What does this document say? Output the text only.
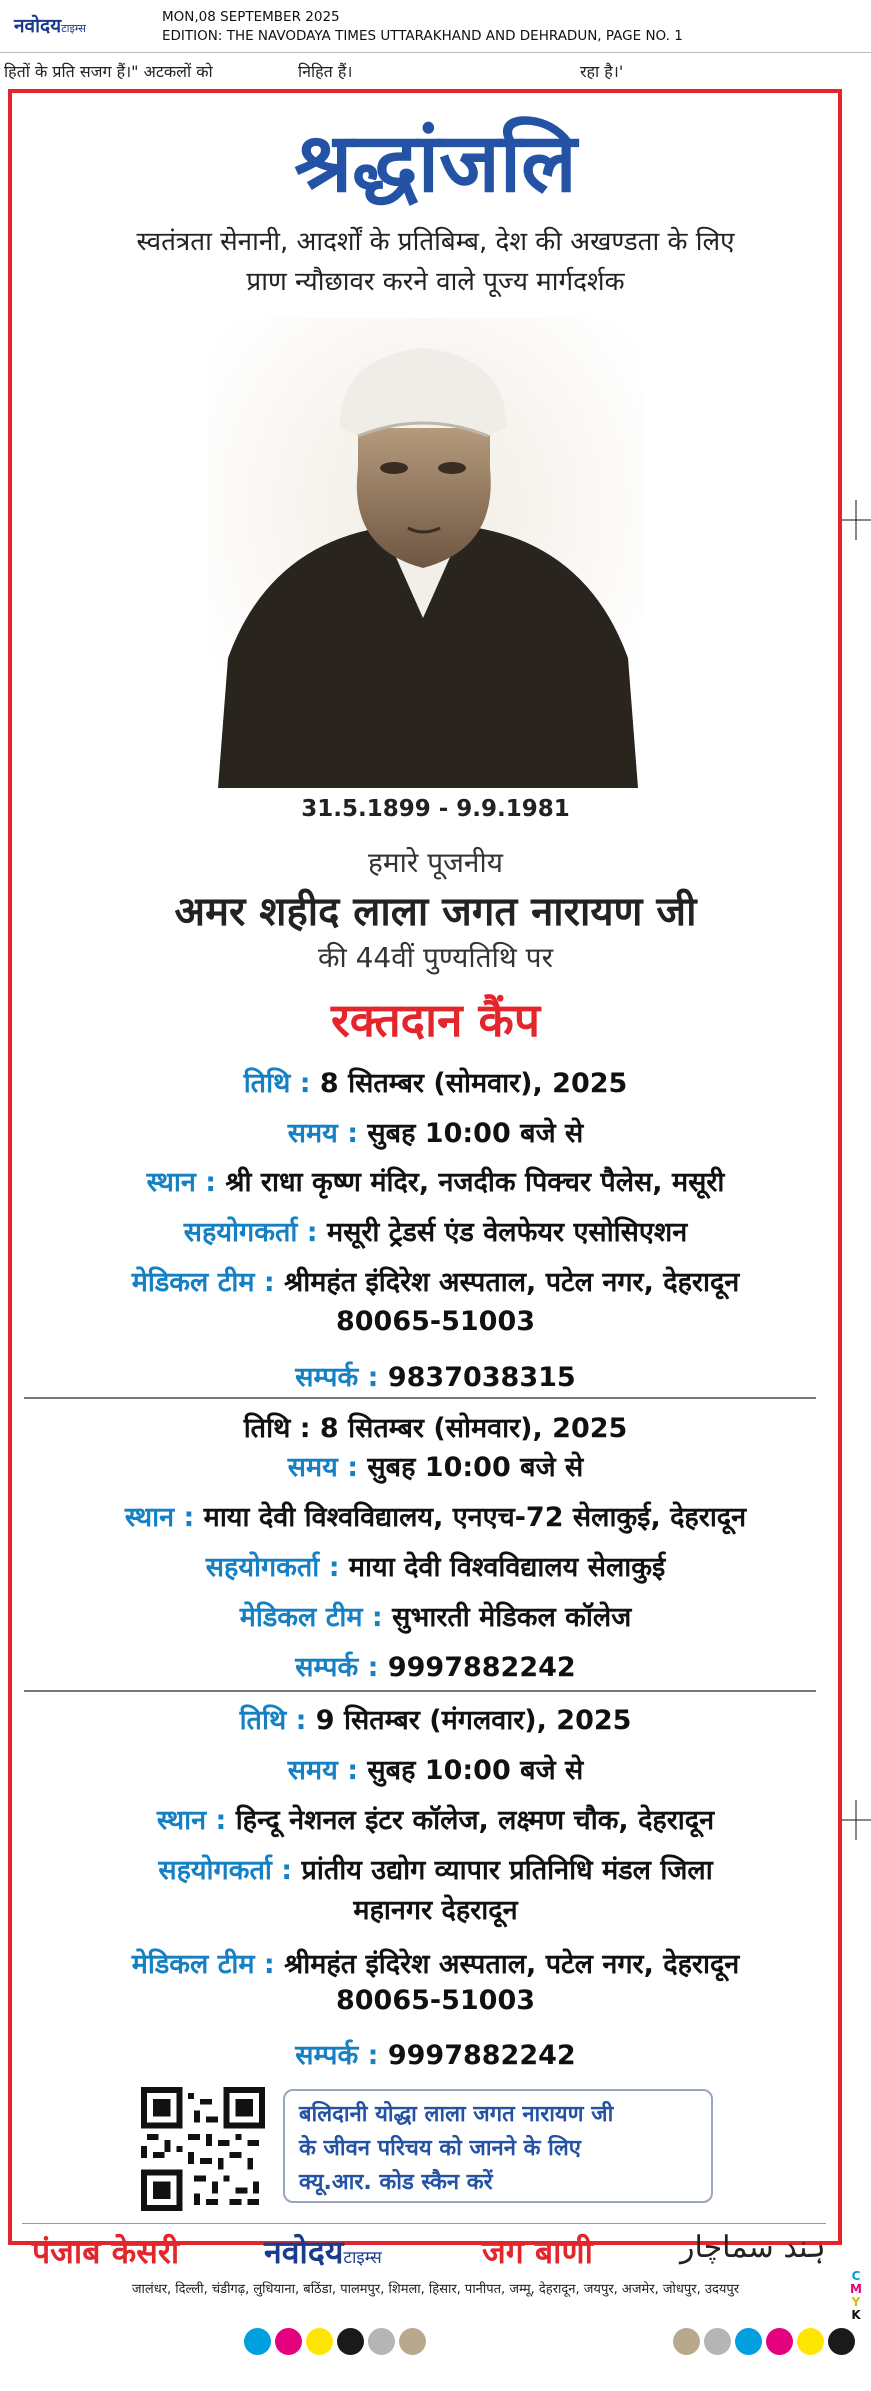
नवोदयटाइम्स
MON,08 SEPTEMBER 2025
EDITION: THE NAVODAYA TIMES UTTARAKHAND AND DEHRADUN, PAGE NO. 1
हितों के प्रति सजग हैं।" अटकलों को	निहित हैं।	रहा है।'
श्रद्धांजलि
स्वतंत्रता सेनानी, आदर्शों के प्रतिबिम्ब, देश की अखण्डता के लिए
प्राण न्यौछावर करने वाले पूज्य मार्गदर्शक
31.5.1899 - 9.9.1981
हमारे पूजनीय
अमर शहीद लाला जगत नारायण जी
की 44वीं पुण्यतिथि पर
रक्तदान कैंप
तिथि : 8 सितम्बर (सोमवार), 2025
समय : सुबह 10:00 बजे से
स्थान : श्री राधा कृष्ण मंदिर, नजदीक पिक्चर पैलेस, मसूरी
सहयोगकर्ता : मसूरी ट्रेडर्स एंड वेलफेयर एसोसिएशन
मेडिकल टीम : श्रीमहंत इंदिरेश अस्पताल, पटेल नगर, देहरादून
80065-51003
सम्पर्क : 9837038315
तिथि : 8 सितम्बर (सोमवार), 2025
समय : सुबह 10:00 बजे से
स्थान : माया देवी विश्वविद्यालय, एनएच-72 सेलाकुई, देहरादून
सहयोगकर्ता : माया देवी विश्वविद्यालय सेलाकुई
मेडिकल टीम : सुभारती मेडिकल कॉलेज
सम्पर्क : 9997882242
तिथि : 9 सितम्बर (मंगलवार), 2025
समय : सुबह 10:00 बजे से
स्थान : हिन्दू नेशनल इंटर कॉलेज, लक्ष्मण चौक, देहरादून
सहयोगकर्ता : प्रांतीय उद्योग व्यापार प्रतिनिधि मंडल जिला
महानगर देहरादून
मेडिकल टीम : श्रीमहंत इंदिरेश अस्पताल, पटेल नगर, देहरादून
80065-51003
सम्पर्क : 9997882242
बलिदानी योद्धा लाला जगत नारायण जी
के जीवन परिचय को जानने के लिए
क्यू.आर. कोड स्कैन करें
पंजाब केसरी	नवोदयटाइम्स	जग बाणी	ہند سماچار
जालंधर, दिल्ली, चंडीगढ़, लुधियाना, बठिंडा, पालमपुर, शिमला, हिसार, पानीपत, जम्मू, देहरादून, जयपुर, अजमेर, जोधपुर, उदयपुर
C
M
Y
K
